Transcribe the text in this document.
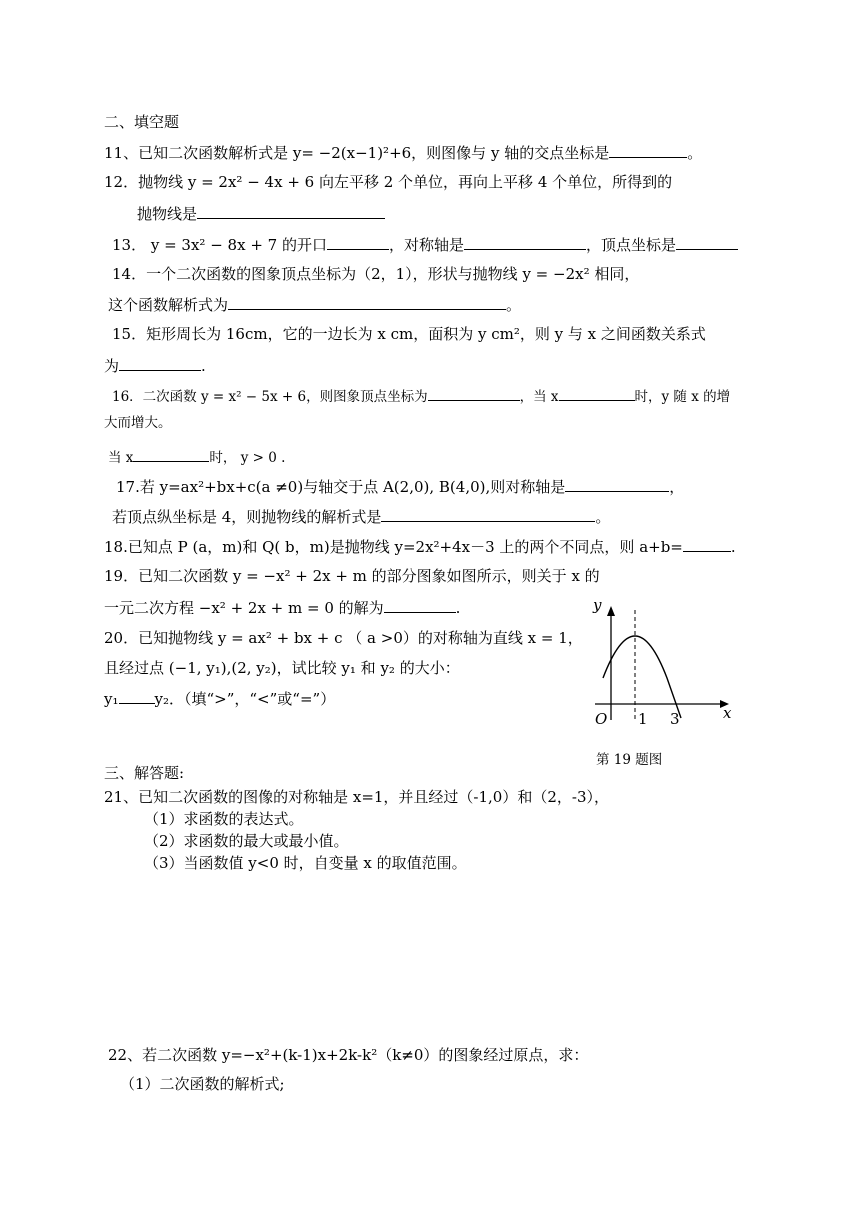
二、填空题
11、已知二次函数解析式是 y= −2(x−1)²+6，则图像与 y 轴的交点坐标是	。
12．抛物线 y = 2x² − 4x + 6 向左平移 2 个单位，再向上平移 4 个单位，所得到的
抛物线是
13． y = 3x² − 8x + 7 的开口	，对称轴是	，顶点坐标是
14．一个二次函数的图象顶点坐标为（2，1），形状与抛物线 y = −2x² 相同，
这个函数解析式为	。
15．矩形周长为 16cm，它的一边长为 x cm，面积为 y cm²，则 y 与 x 之间函数关系式
为	.
16．二次函数 y = x² − 5x + 6，则图象顶点坐标为	，当 x	时，y 随 x 的增
大而增大。
当 x	时， y > 0 .
17.若 y=ax²+bx+c(a ≠0)与轴交于点 A(2,0), B(4,0),则对称轴是	，
若顶点纵坐标是 4，则抛物线的解析式是	。
18.已知点 P (a，m)和 Q( b，m)是抛物线 y=2x²+4x－3 上的两个不同点，则 a+b=	.
19．已知二次函数 y = −x² + 2x + m 的部分图象如图所示，则关于 x 的
一元二次方程 −x² + 2x + m = 0 的解为	.
20．已知抛物线 y = ax² + bx + c （ a >0）的对称轴为直线 x = 1，
且经过点 (−1, y₁),(2, y₂)，试比较 y₁ 和 y₂ 的大小：
y₁ y₂．（填“>”，“<”或“=”）
y
x
O 1 3
第 19 题图
三、解答题:
21、已知二次函数的图像的对称轴是 x=1，并且经过（-1,0）和（2，-3），
（1）求函数的表达式。
（2）求函数的最大或最小值。
（3）当函数值 y<0 时，自变量 x 的取值范围。
22、若二次函数 y=−x²+(k-1)x+2k-k²（k≠0）的图象经过原点，求：
（1）二次函数的解析式;
